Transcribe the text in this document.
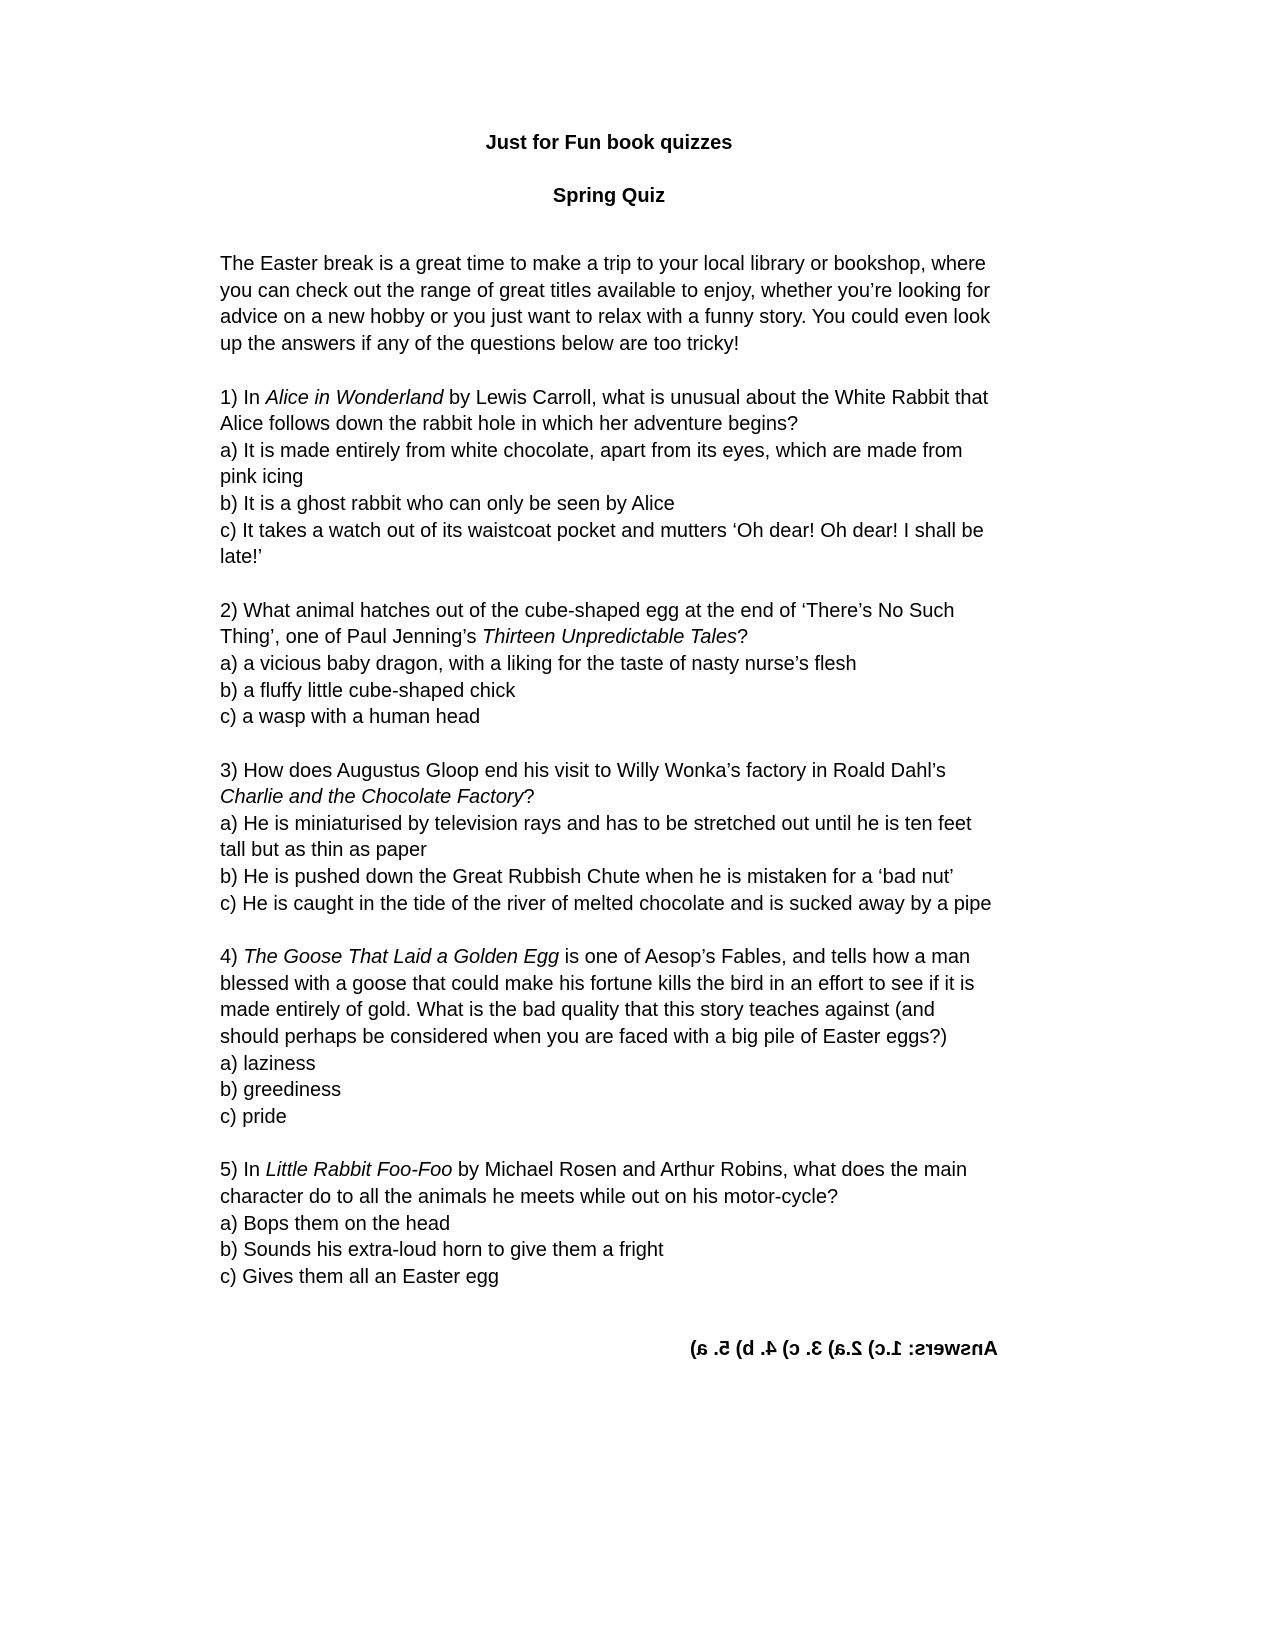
Just for Fun book quizzes
Spring Quiz

The Easter break is a great time to make a trip to your local library or bookshop, where you can check out the range of great titles available to enjoy, whether you’re looking for advice on a new hobby or you just want to relax with a funny story. You could even look up the answers if any of the questions below are too tricky!

1) In Alice in Wonderland by Lewis Carroll, what is unusual about the White Rabbit that Alice follows down the rabbit hole in which her adventure begins?
a) It is made entirely from white chocolate, apart from its eyes, which are made from pink icing
b) It is a ghost rabbit who can only be seen by Alice
c) It takes a watch out of its waistcoat pocket and mutters ‘Oh dear! Oh dear! I shall be late!’

2) What animal hatches out of the cube-shaped egg at the end of ‘There’s No Such Thing’, one of Paul Jenning’s Thirteen Unpredictable Tales?
a) a vicious baby dragon, with a liking for the taste of nasty nurse’s flesh
b) a fluffy little cube-shaped chick
c) a wasp with a human head

3) How does Augustus Gloop end his visit to Willy Wonka’s factory in Roald Dahl’s Charlie and the Chocolate Factory?
a) He is miniaturised by television rays and has to be stretched out until he is ten feet tall but as thin as paper
b) He is pushed down the Great Rubbish Chute when he is mistaken for a ‘bad nut’
c) He is caught in the tide of the river of melted chocolate and is sucked away by a pipe

4) The Goose That Laid a Golden Egg is one of Aesop’s Fables, and tells how a man blessed with a goose that could make his fortune kills the bird in an effort to see if it is made entirely of gold. What is the bad quality that this story teaches against (and should perhaps be considered when you are faced with a big pile of Easter eggs?)
a) laziness
b) greediness
c) pride

5) In Little Rabbit Foo-Foo by Michael Rosen and Arthur Robins, what does the main character do to all the animals he meets while out on his motor-cycle?
a) Bops them on the head
b) Sounds his extra-loud horn to give them a fright
c) Gives them all an Easter egg

Answers: 1.c) 2.a) 3. c) 4. b) 5. a)
